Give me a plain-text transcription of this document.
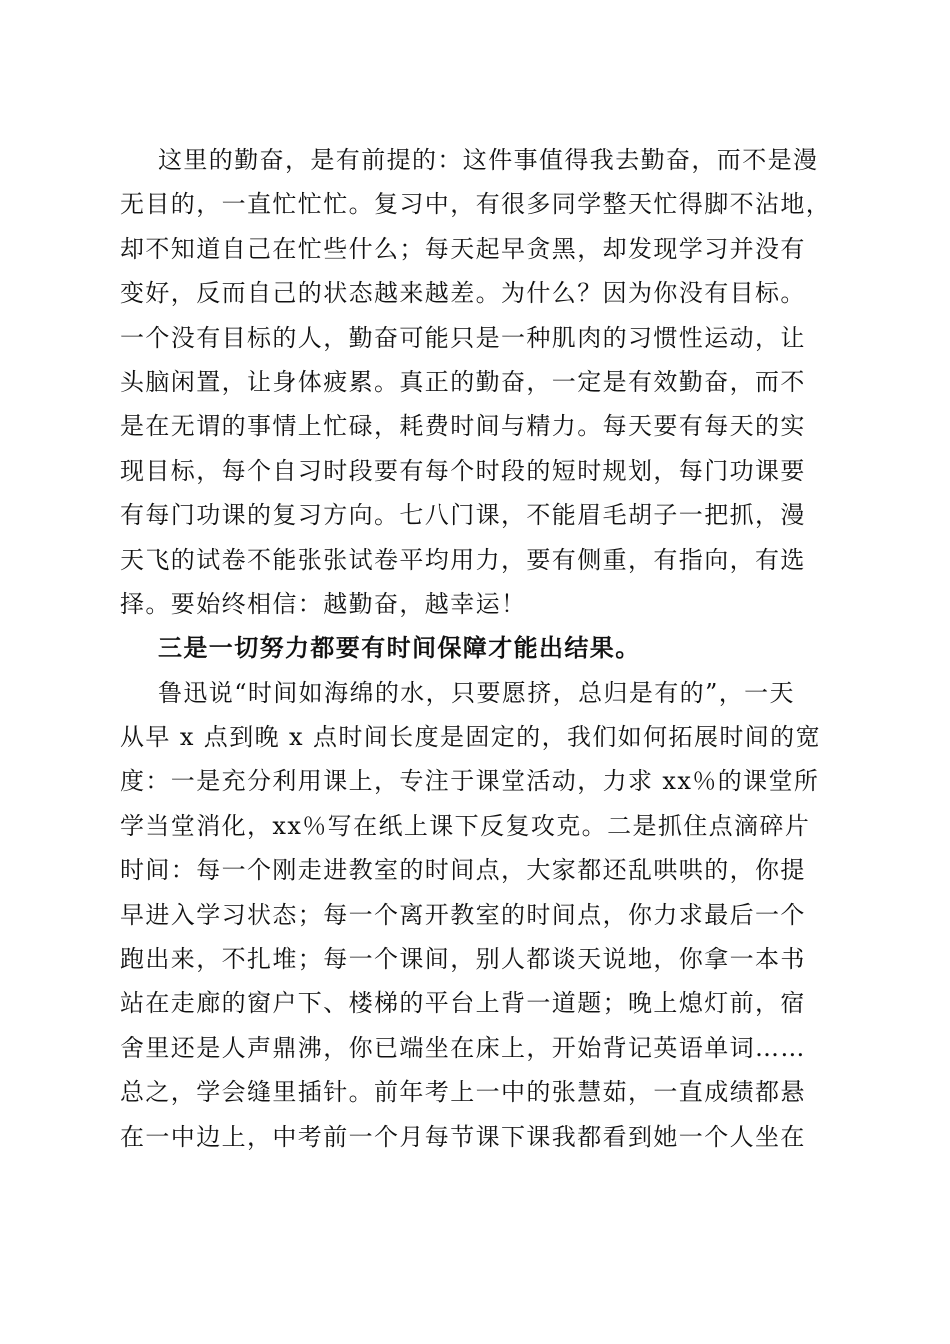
这里的勤奋，是有前提的：这件事值得我去勤奋，而不是漫
无目的，一直忙忙忙。复习中，有很多同学整天忙得脚不沾地，
却不知道自己在忙些什么；每天起早贪黑，却发现学习并没有
变好，反而自己的状态越来越差。为什么？因为你没有目标。
一个没有目标的人，勤奋可能只是一种肌肉的习惯性运动，让
头脑闲置，让身体疲累。真正的勤奋，一定是有效勤奋，而不
是在无谓的事情上忙碌，耗费时间与精力。每天要有每天的实
现目标，每个自习时段要有每个时段的短时规划，每门功课要
有每门功课的复习方向。七八门课，不能眉毛胡子一把抓，漫
天飞的试卷不能张张试卷平均用力，要有侧重，有指向，有选
择。要始终相信：越勤奋，越幸运！
三是一切努力都要有时间保障才能出结果。
鲁迅说“时间如海绵的水，只要愿挤，总归是有的”，一天
从早 x 点到晚 x 点时间长度是固定的，我们如何拓展时间的宽
度：一是充分利用课上，专注于课堂活动，力求 xx％的课堂所
学当堂消化，xx％写在纸上课下反复攻克。二是抓住点滴碎片
时间：每一个刚走进教室的时间点，大家都还乱哄哄的，你提
早进入学习状态；每一个离开教室的时间点，你力求最后一个
跑出来，不扎堆；每一个课间，别人都谈天说地，你拿一本书
站在走廊的窗户下、楼梯的平台上背一道题；晚上熄灯前，宿
舍里还是人声鼎沸，你已端坐在床上，开始背记英语单词……
总之，学会缝里插针。前年考上一中的张慧茹，一直成绩都悬
在一中边上，中考前一个月每节课下课我都看到她一个人坐在
